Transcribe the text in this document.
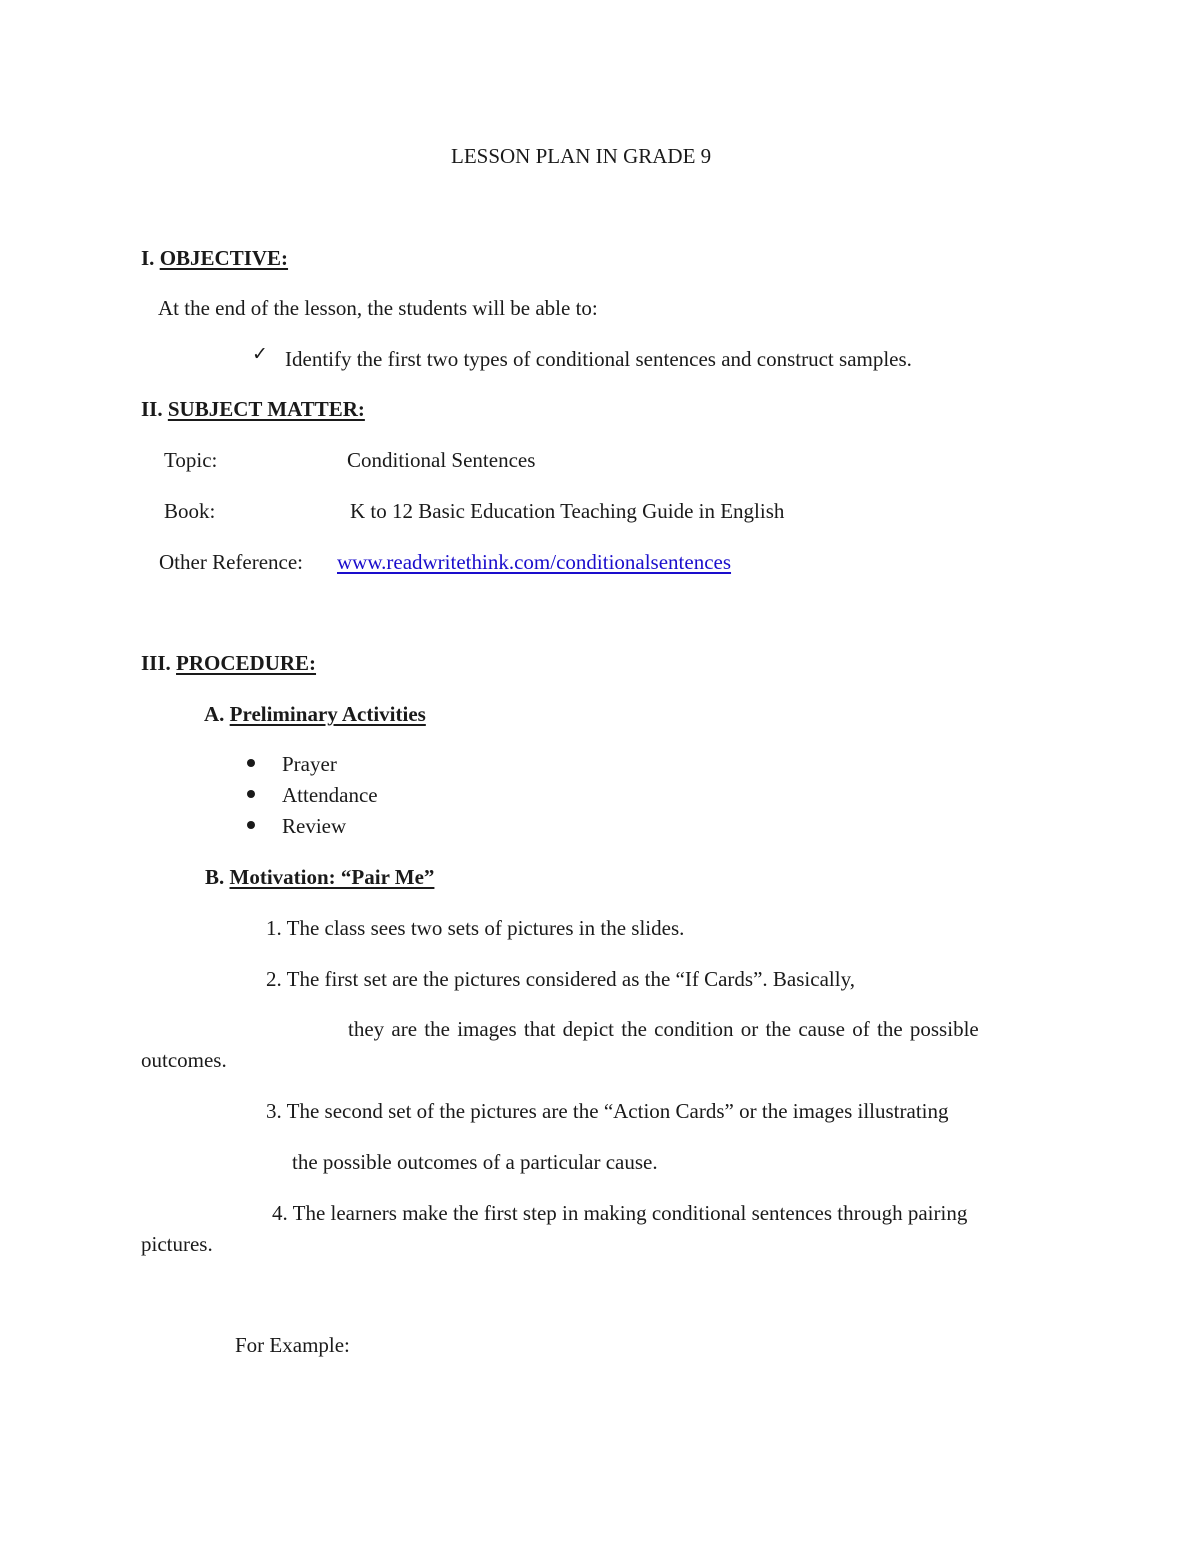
LESSON PLAN IN GRADE 9
I. OBJECTIVE:
At the end of the lesson, the students will be able to:
✓ Identify the first two types of conditional sentences and construct samples.
II. SUBJECT MATTER:
Topic:	Conditional Sentences
Book:	K to 12 Basic Education Teaching Guide in English
Other Reference: www.readwritethink.com/conditionalsentences
III. PROCEDURE:
A. Preliminary Activities
Prayer
Attendance
Review
B. Motivation: “Pair Me”
1. The class sees two sets of pictures in the slides.
2. The first set are the pictures considered as the “If Cards”. Basically,
they are the images that depict the condition or the cause of the possible
outcomes.
3. The second set of the pictures are the “Action Cards” or the images illustrating
the possible outcomes of a particular cause.
4. The learners make the first step in making conditional sentences through pairing
pictures.
For Example:
